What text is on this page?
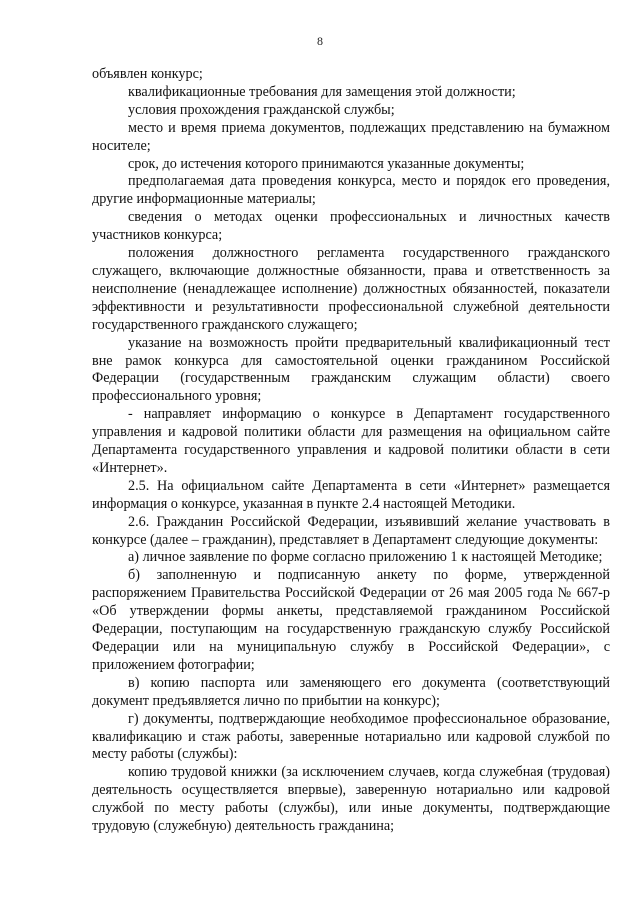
8

объявлен конкурс;

квалификационные требования для замещения этой должности;

условия прохождения гражданской службы;

место и время приема документов, подлежащих представлению на бумажном носителе;

срок, до истечения которого принимаются указанные документы;

предполагаемая дата проведения конкурса, место и порядок его проведения, другие информационные материалы;

сведения о методах оценки профессиональных и личностных качеств участников конкурса;

положения должностного регламента государственного гражданского служащего, включающие должностные обязанности, права и ответственность за неисполнение (ненадлежащее исполнение) должностных обязанностей, показатели эффективности и результативности профессиональной служебной деятельности государственного гражданского служащего;

указание на возможность пройти предварительный квалификационный тест вне рамок конкурса для самостоятельной оценки гражданином Российской Федерации (государственным гражданским служащим области) своего профессионального уровня;

- направляет информацию о конкурсе в Департамент государственного управления и кадровой политики области для размещения на официальном сайте Департамента государственного управления и кадровой политики области в сети «Интернет».

2.5. На официальном сайте Департамента в сети «Интернет» размещается информация о конкурсе, указанная в пункте 2.4 настоящей Методики.

2.6. Гражданин Российской Федерации, изъявивший желание участвовать в конкурсе (далее – гражданин), представляет в Департамент следующие документы:

а) личное заявление по форме согласно приложению 1 к настоящей Методике;

б) заполненную и подписанную анкету по форме, утвержденной распоряжением Правительства Российской Федерации от 26 мая 2005 года № 667-р «Об утверждении формы анкеты, представляемой гражданином Российской Федерации, поступающим на государственную гражданскую службу Российской Федерации или на муниципальную службу в Российской Федерации», с приложением фотографии;

в) копию паспорта или заменяющего его документа (соответствующий документ предъявляется лично по прибытии на конкурс);

г) документы, подтверждающие необходимое профессиональное образование, квалификацию и стаж работы, заверенные нотариально или кадровой службой по месту работы (службы):

копию трудовой книжки (за исключением случаев, когда служебная (трудовая) деятельность осуществляется впервые), заверенную нотариально или кадровой службой по месту работы (службы), или иные документы, подтверждающие трудовую (служебную) деятельность гражданина;
